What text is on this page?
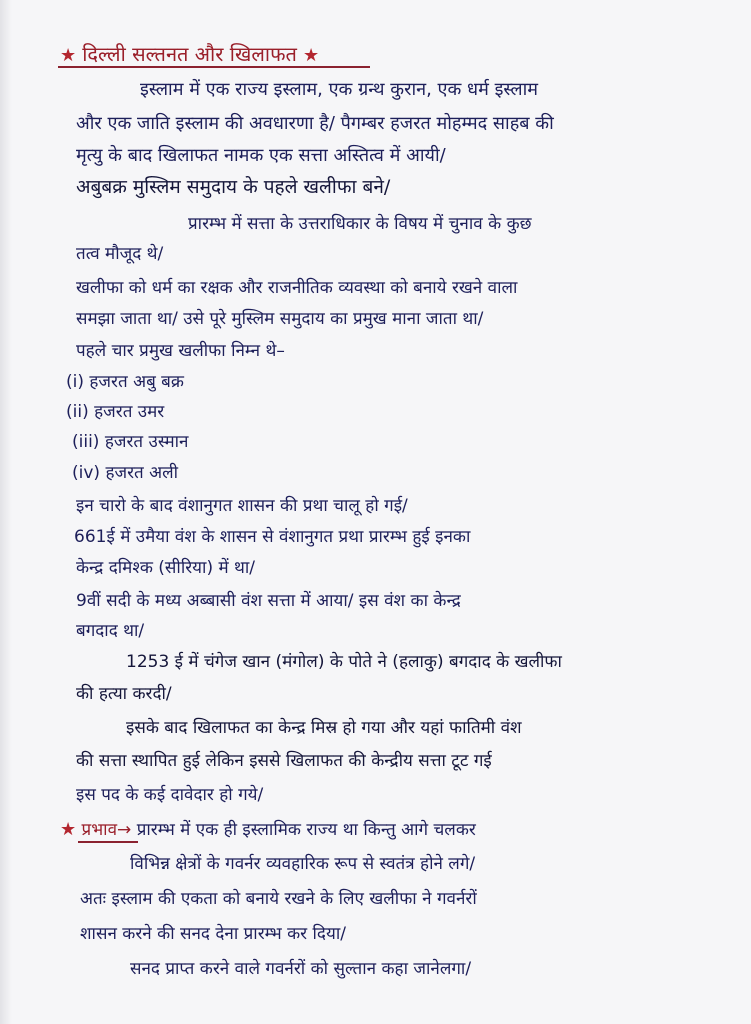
★ दिल्ली सल्तनत और खिलाफत ★
इस्लाम में एक राज्य इस्लाम, एक ग्रन्थ कुरान, एक धर्म इस्लाम
और एक जाति इस्लाम की अवधारणा है/ पैगम्बर हजरत मोहम्मद साहब की
मृत्यु के बाद खिलाफत नामक एक सत्ता अस्तित्व में आयी/
अबुबक्र मुस्लिम समुदाय के पहले खलीफा बने/
प्रारम्भ में सत्ता के उत्तराधिकार के विषय में चुनाव के कुछ
तत्व मौजूद थे/
खलीफा को धर्म का रक्षक और राजनीतिक व्यवस्था को बनाये रखने वाला
समझा जाता था/ उसे पूरे मुस्लिम समुदाय का प्रमुख माना जाता था/
पहले चार प्रमुख खलीफा निम्न थे–
(i) हजरत अबु बक्र
(ii) हजरत उमर
(iii) हजरत उस्मान
(iv) हजरत अली
इन चारो के बाद वंशानुगत शासन की प्रथा चालू हो गई/
661ई में उमैया वंश के शासन से वंशानुगत प्रथा प्रारम्भ हुई इनका
केन्द्र दमिश्क (सीरिया) में था/
9वीं सदी के मध्य अब्बासी वंश सत्ता में आया/ इस वंश का केन्द्र
बगदाद था/
1253 ई में चंगेज खान (मंगोल) के पोते ने (हलाकु) बगदाद के खलीफा
की हत्या करदी/
इसके बाद खिलाफत का केन्द्र मिस्र हो गया और यहां फातिमी वंश
की सत्ता स्थापित हुई लेकिन इससे खिलाफत की केन्द्रीय सत्ता टूट गई
इस पद के कई दावेदार हो गये/
★ प्रभाव→ प्रारम्भ में एक ही इस्लामिक राज्य था किन्तु आगे चलकर
विभिन्न क्षेत्रों के गवर्नर व्यवहारिक रूप से स्वतंत्र होने लगे/
अतः इस्लाम की एकता को बनाये रखने के लिए खलीफा ने गवर्नरों
शासन करने की सनद देना प्रारम्भ कर दिया/
सनद प्राप्त करने वाले गवर्नरों को सुल्तान कहा जानेलगा/
